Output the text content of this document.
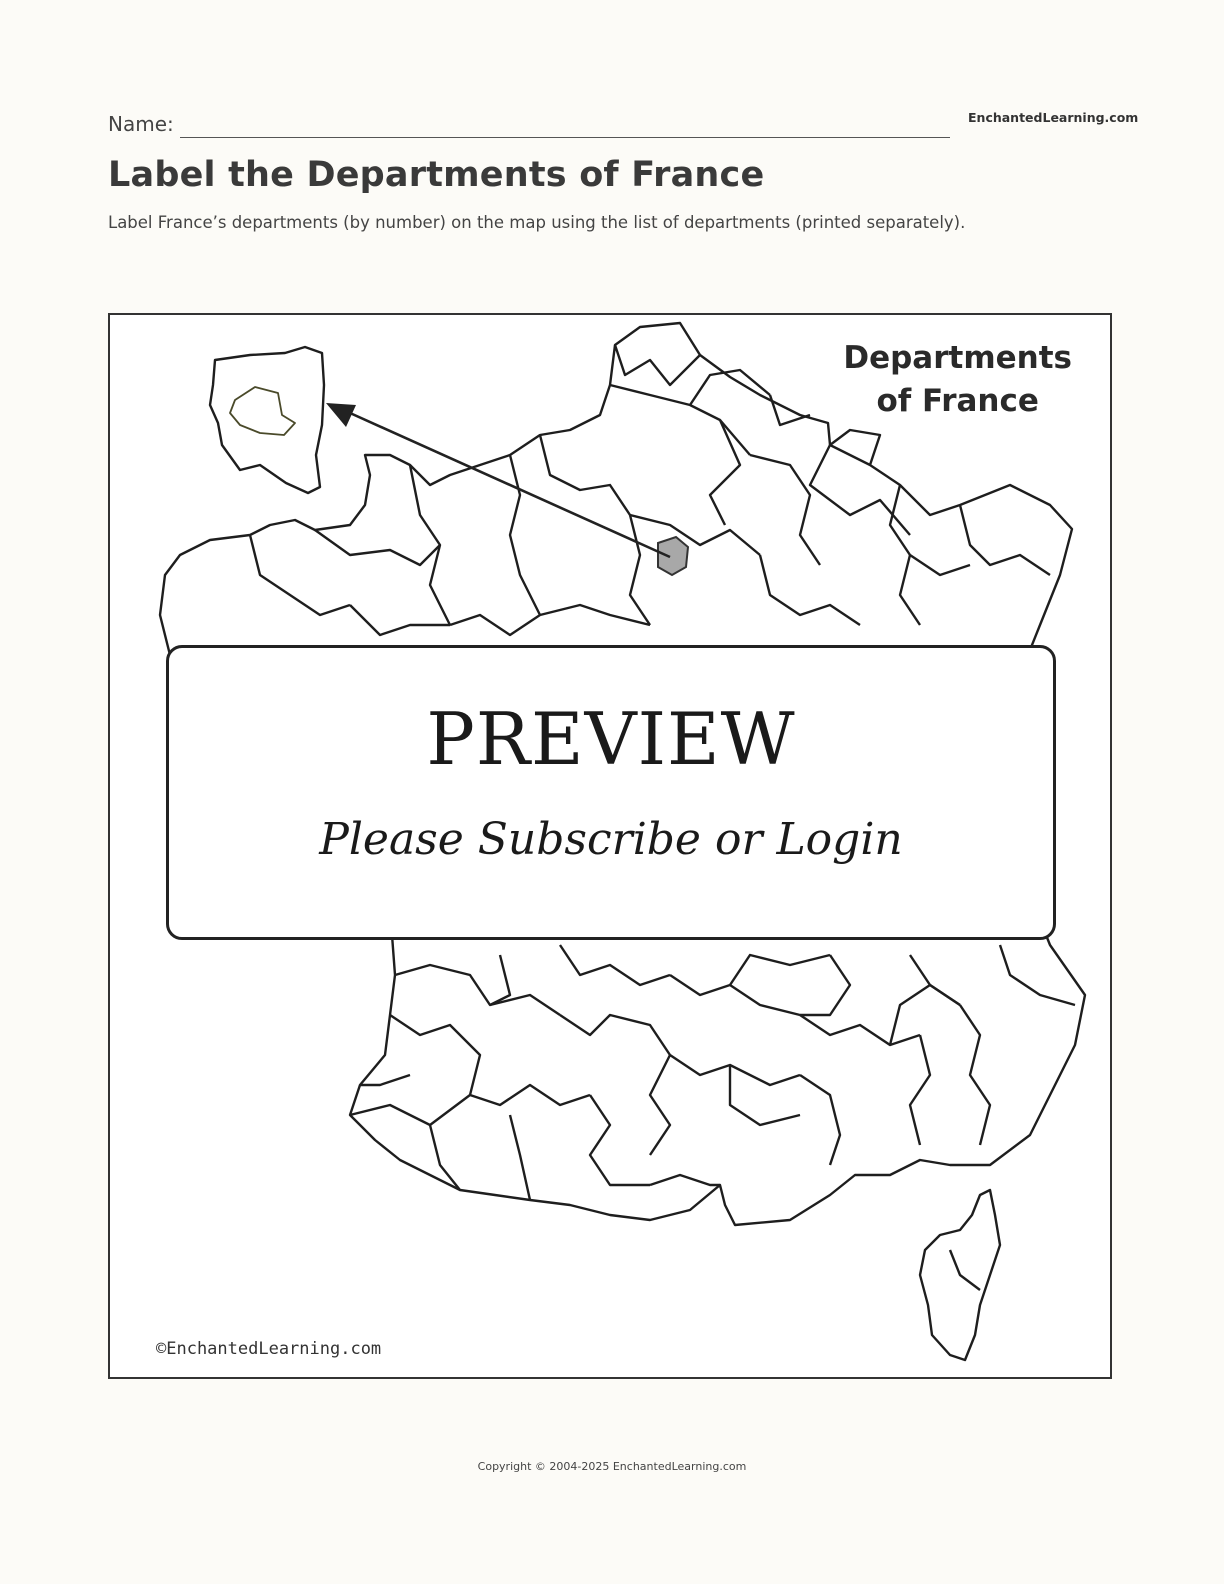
Name:	EnchantedLearning.com
Label the Departments of France
Label France’s departments (by number) on the map using the list of departments (printed separately).
Departments
of France
©EnchantedLearning.com
PREVIEW
Please Subscribe or Login
Copyright © 2004-2025 EnchantedLearning.com
